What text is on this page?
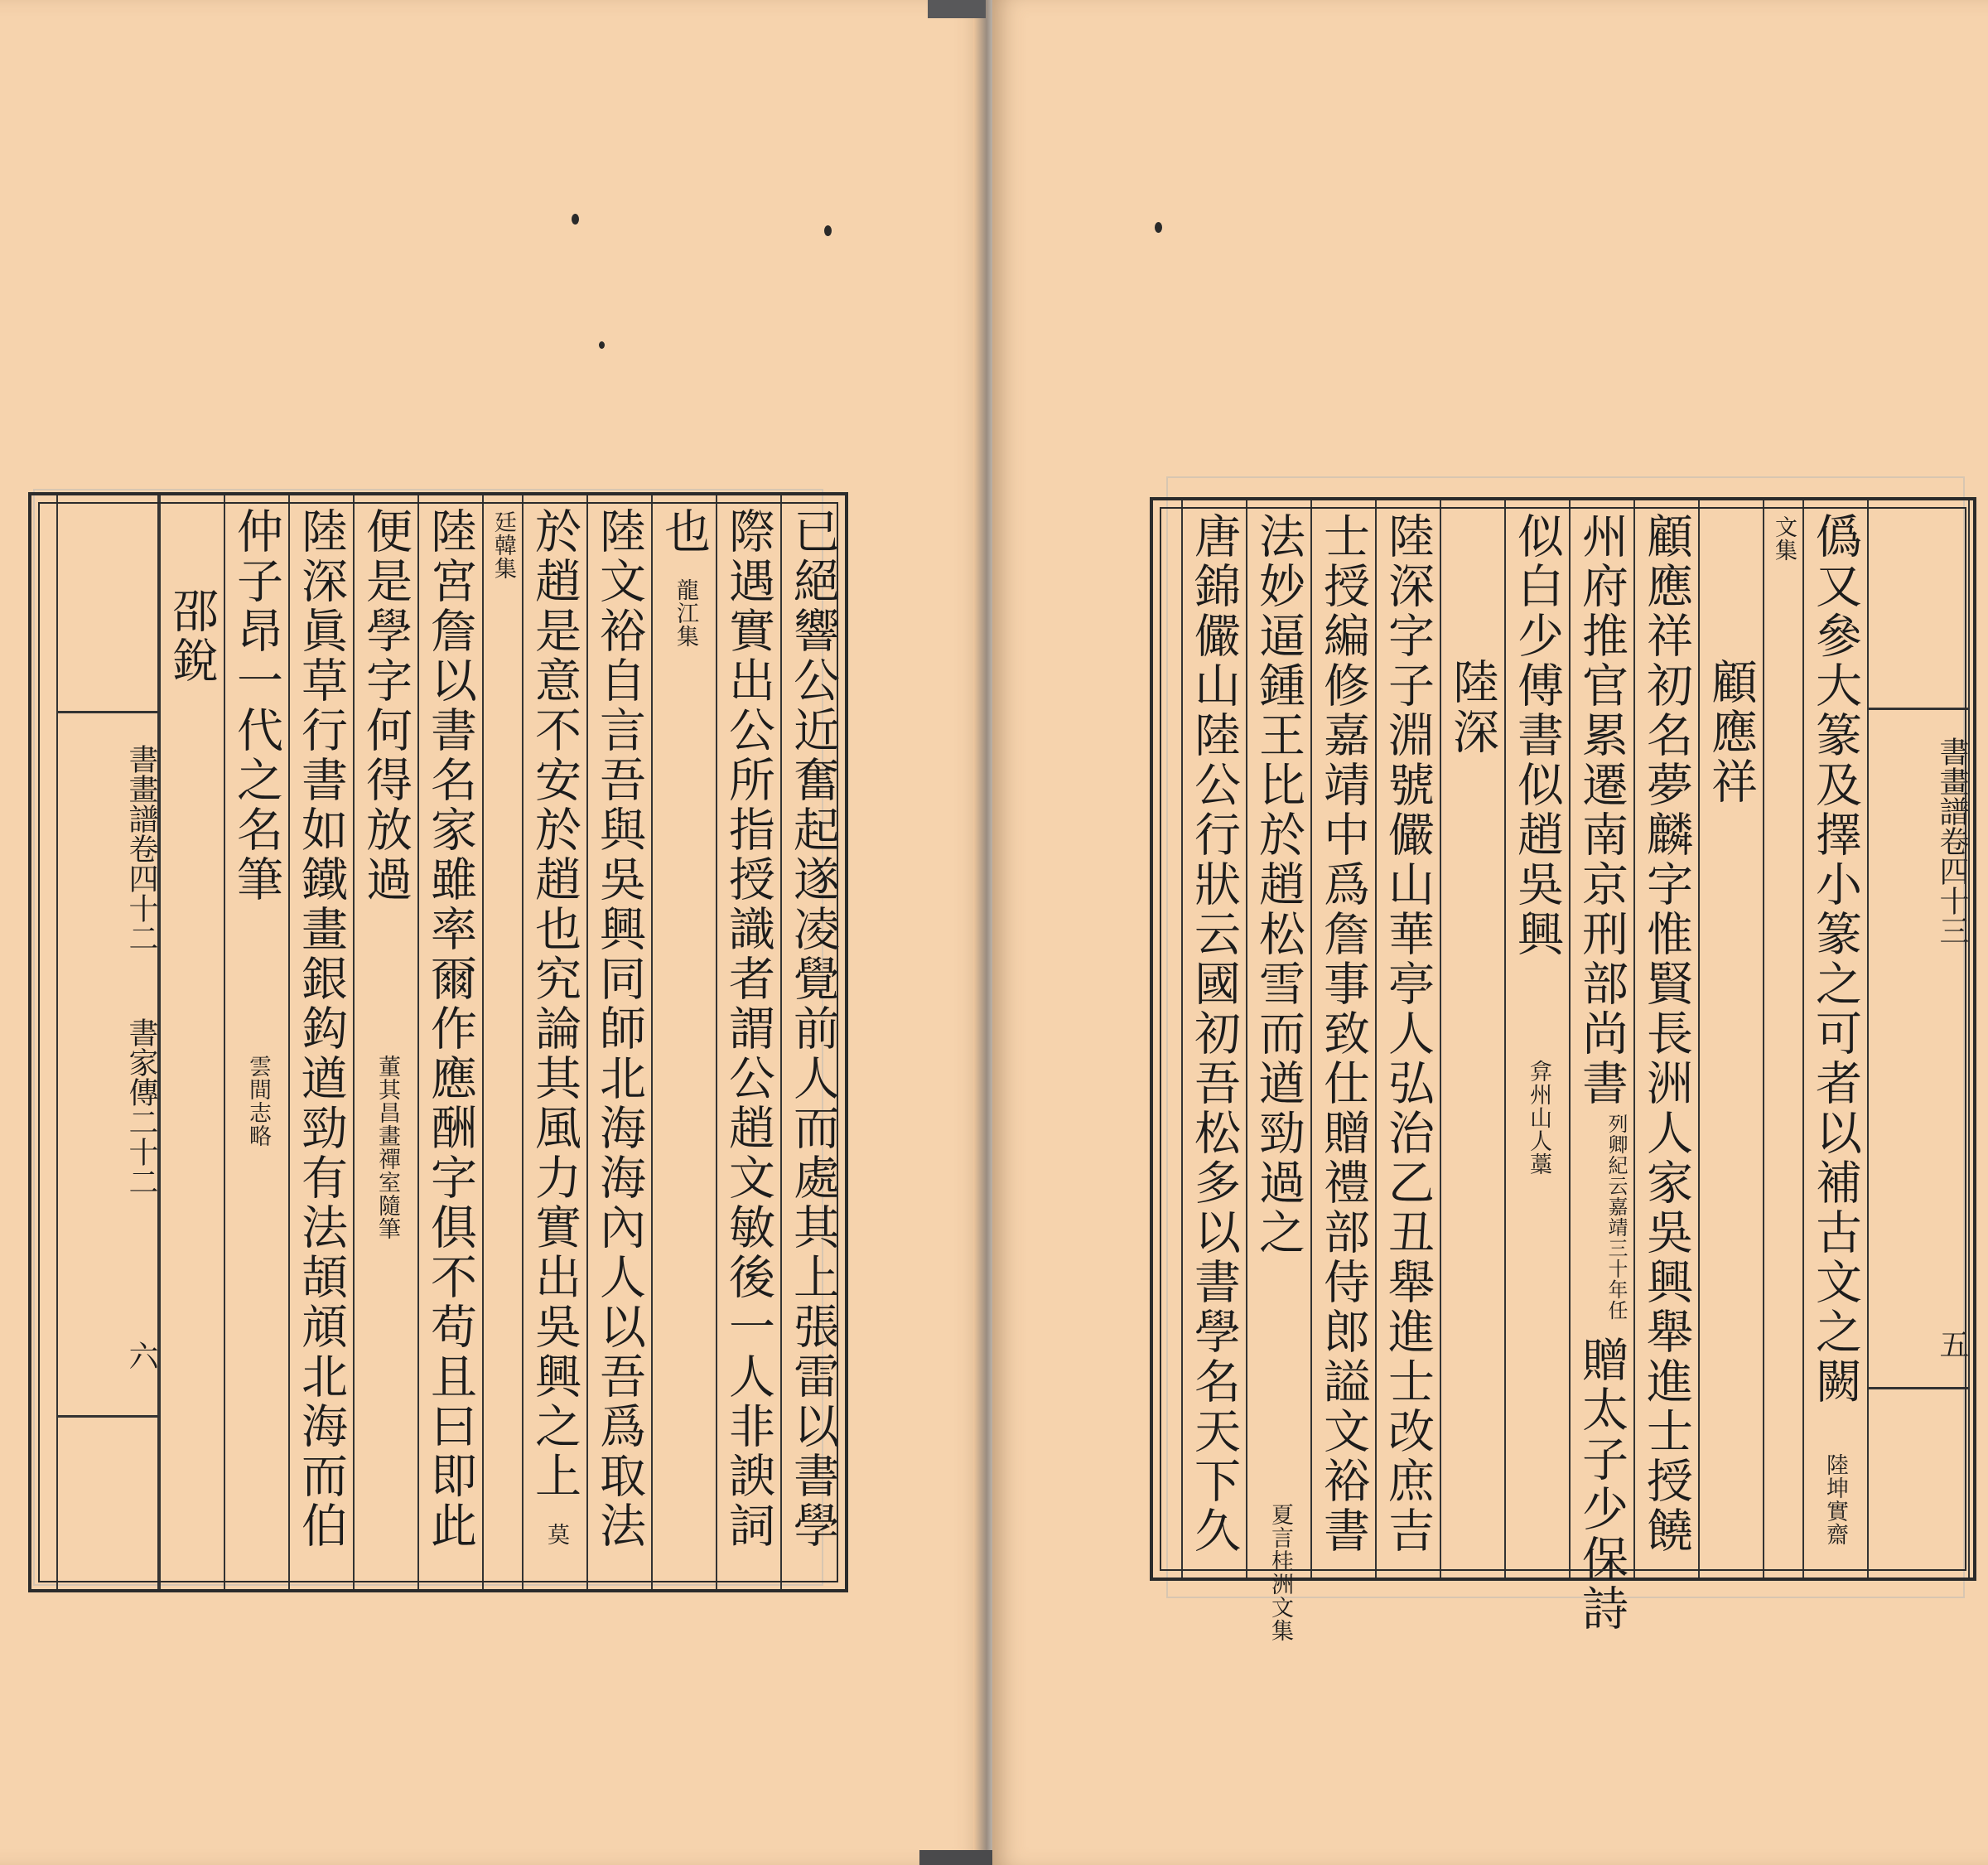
已絕響公近奮起遂凌覺前人而處其上張雷以書學
際遇實出公所指授識者謂公趙文敏後一人非諛詞
也
龍江集
陸文裕自言吾與吳興同師北海海內人以吾爲取法
於趙是意不安於趙也究論其風力實出吳興之上
莫
廷韓集
陸宮詹以書名家雖率爾作應酬字俱不苟且曰即此
便是學字何得放過
董其昌畫禪室隨筆
陸深眞草行書如鐵畫銀鈎遒勁有法頡頏北海而伯
仲子昂一代之名筆
雲間志略
邵銳
書畫譜卷四十二
書家傳二十二
六
書畫譜卷四十三
五
僞又參大篆及擇小篆之可者以補古文之闕
陸坤實齋
文集
顧應祥
顧應祥初名夢麟字惟賢長洲人家吳興舉進士授饒
州府推官累遷南京刑部尚書
列卿紀云嘉靖三十年任
贈太子少保詩
似白少傅書似趙吳興
弇州山人藁
陸深
陸深字子淵號儼山華亭人弘治乙丑舉進士改庶吉
士授編修嘉靖中爲詹事致仕贈禮部侍郎謚文裕書
法妙逼鍾王比於趙松雪而遒勁過之
夏言桂洲文集
唐錦儼山陸公行狀云國初吾松多以書學名天下久
